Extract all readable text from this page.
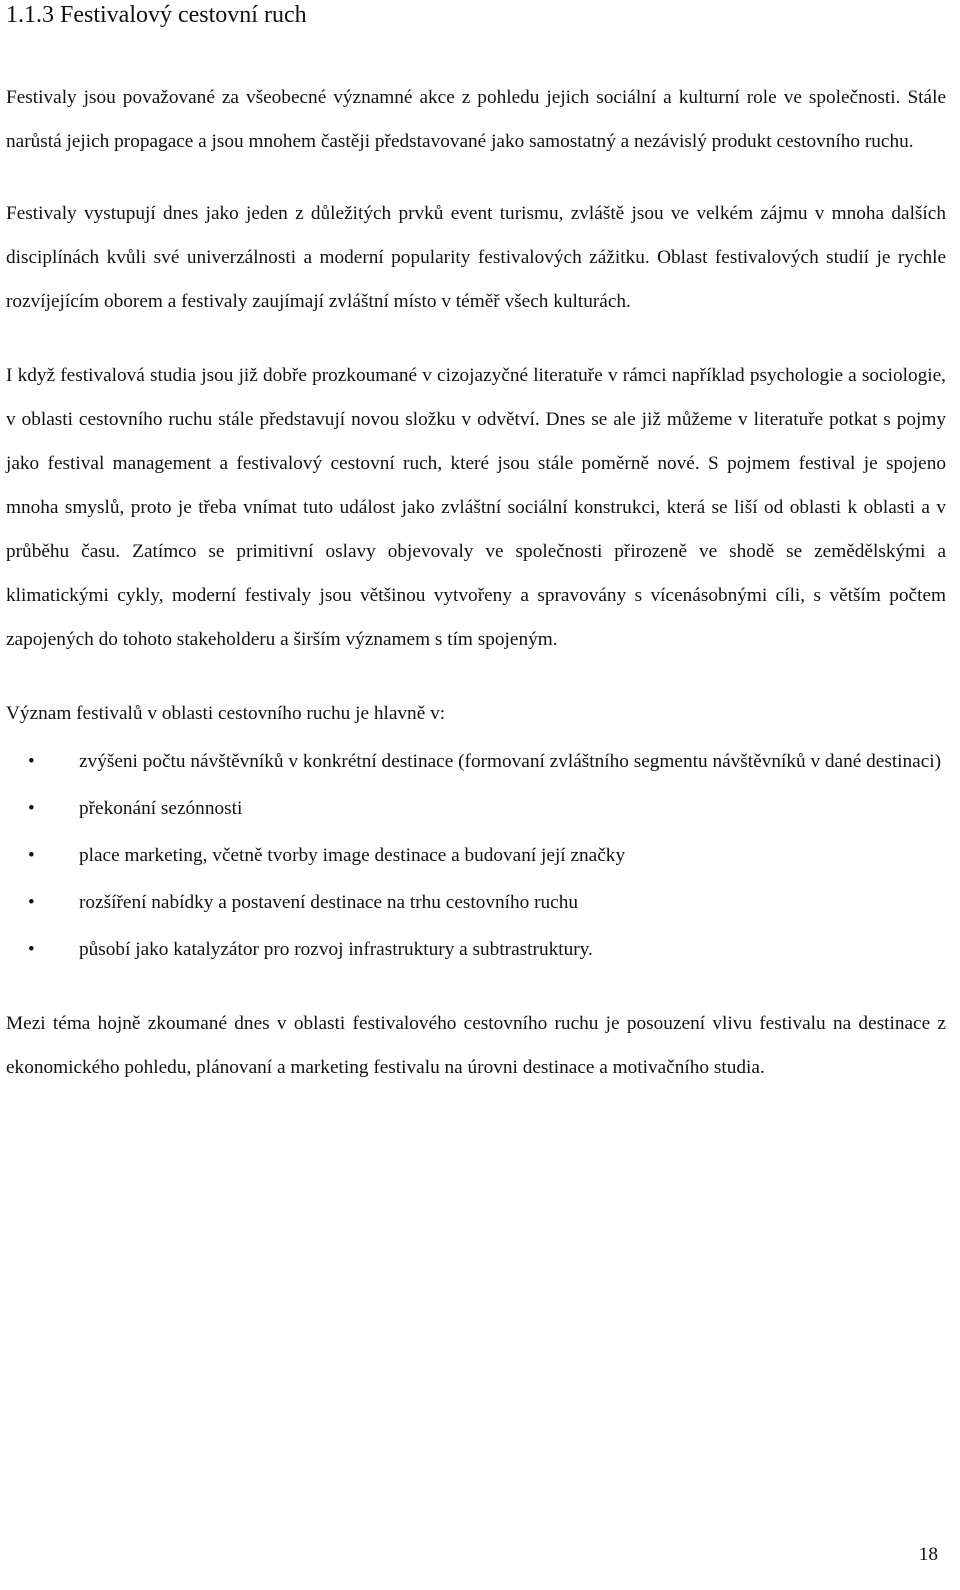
1.1.3 Festivalový cestovní ruch

Festivaly jsou považované za všeobecné významné akce z pohledu jejich sociální a kulturní role ve společnosti. Stále narůstá jejich propagace a jsou mnohem častěji představované jako samostatný a nezávislý produkt cestovního ruchu.

Festivaly vystupují dnes jako jeden z důležitých prvků event turismu, zvláště jsou ve velkém zájmu v mnoha dalších disciplínách kvůli své univerzálnosti a moderní popularity festivalových zážitku. Oblast festivalových studií je rychle rozvíjejícím oborem a festivaly zaujímají zvláštní místo v téměř všech kulturách.

I když festivalová studia jsou již dobře prozkoumané v cizojazyčné literatuře v rámci například psychologie a sociologie, v oblasti cestovního ruchu stále představují novou složku v odvětví. Dnes se ale již můžeme v literatuře potkat s pojmy jako festival management a festivalový cestovní ruch, které jsou stále poměrně nové. S pojmem festival je spojeno mnoha smyslů, proto je třeba vnímat tuto událost jako zvláštní sociální konstrukci, která se liší od oblasti k oblasti a v průběhu času. Zatímco se primitivní oslavy objevovaly ve společnosti přirozeně ve shodě se zemědělskými a klimatickými cykly, moderní festivaly jsou většinou vytvořeny a spravovány s vícenásobnými cíli, s větším počtem zapojených do tohoto stakeholderu a širším významem s tím spojeným.

Význam festivalů v oblasti cestovního ruchu je hlavně v:

• zvýšeni počtu návštěvníků v konkrétní destinace (formovaní zvláštního segmentu návštěvníků v dané destinaci)
• překonání sezónnosti
• place marketing, včetně tvorby image destinace a budovaní její značky
• rozšíření nabídky a postavení destinace na trhu cestovního ruchu
• působí jako katalyzátor pro rozvoj infrastruktury a subtrastruktury.

Mezi téma hojně zkoumané dnes v oblasti festivalového cestovního ruchu je posouzení vlivu festivalu na destinace z ekonomického pohledu, plánovaní a marketing festivalu na úrovni destinace a motivačního studia.

18
